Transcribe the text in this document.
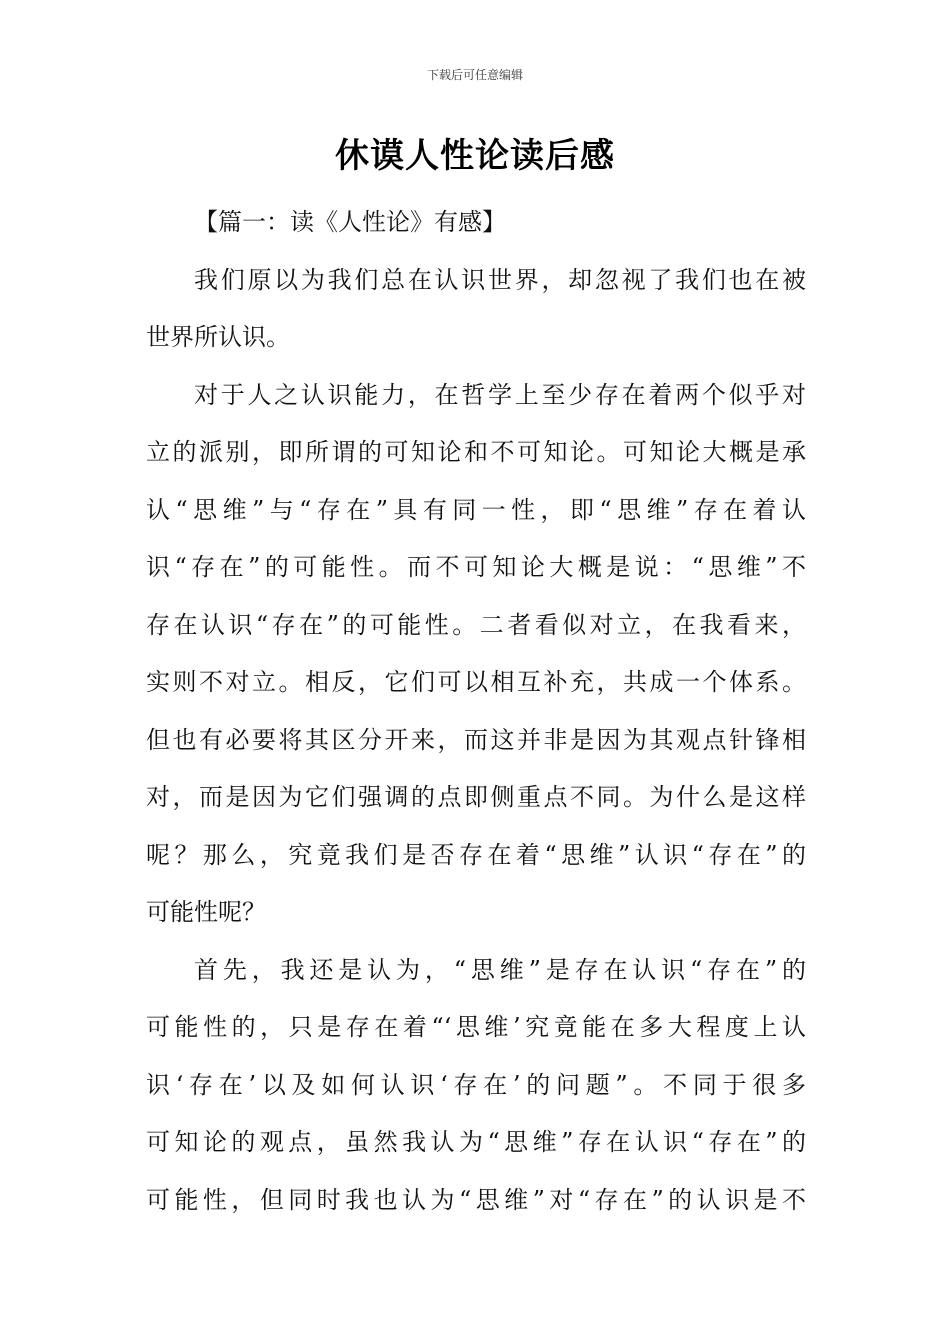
下载后可任意编辑
休谟人性论读后感
【篇一：读《人性论》有感】
我们原以为我们总在认识世界，却忽视了我们也在被
世界所认识。
对于人之认识能力，在哲学上至少存在着两个似乎对
立的派别，即所谓的可知论和不可知论。可知论大概是承
认“思维”与“存在”具有同一性，即“思维”存在着认
识“存在”的可能性。而不可知论大概是说：“思维”不
存在认识“存在”的可能性。二者看似对立，在我看来，
实则不对立。相反，它们可以相互补充，共成一个体系。
但也有必要将其区分开来，而这并非是因为其观点针锋相
对，而是因为它们强调的点即侧重点不同。为什么是这样
呢？那么，究竟我们是否存在着“思维”认识“存在”的
可能性呢？
首先，我还是认为，“思维”是存在认识“存在”的
可能性的，只是存在着“‘思维’究竟能在多大程度上认
识‘存在’以及如何认识‘存在’的问题”。不同于很多
可知论的观点，虽然我认为“思维”存在认识“存在”的
可能性，但同时我也认为“思维”对“存在”的认识是不
